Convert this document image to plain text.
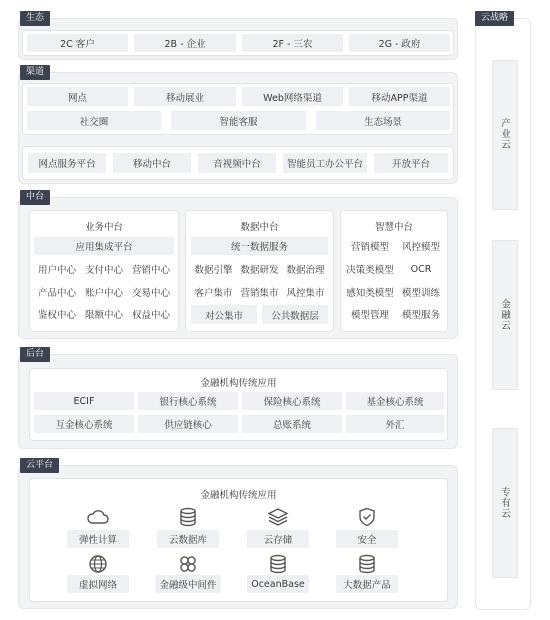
生态
2C 客户	2B - 企业	2F - 三农	2G - 政府
渠道
网点	移动展业	Web网络渠道	移动APP渠道
社交圈	智能客服	生态场景
网点服务平台	移动中台	音视频中台	智能员工办公平台	开放平台
中台
业务中台
应用集成平台
用户中心 支付中心 营销中心
产品中心 账户中心 交易中心
鉴权中心 限额中心 权益中心
数据中台
统一数据服务
数据引擎 数据研发 数据治理
客户集市 营销集市 风控集市
对公集市	公共数据层
智慧中台
营销模型	风控模型
决策类模型	OCR
感知类模型 模型训练
模型管理	模型服务
后台
金融机构传统应用
ECIF	银行核心系统	保险核心系统	基金核心系统
互金核心系统	供应链核心	总账系统	外汇
云平台
金融机构传统应用
弹性计算	云数据库	云存储	安全
虚拟网络	金融级中间件	OceanBase	大数据产品
云战略
产业云
金融云
专有云
